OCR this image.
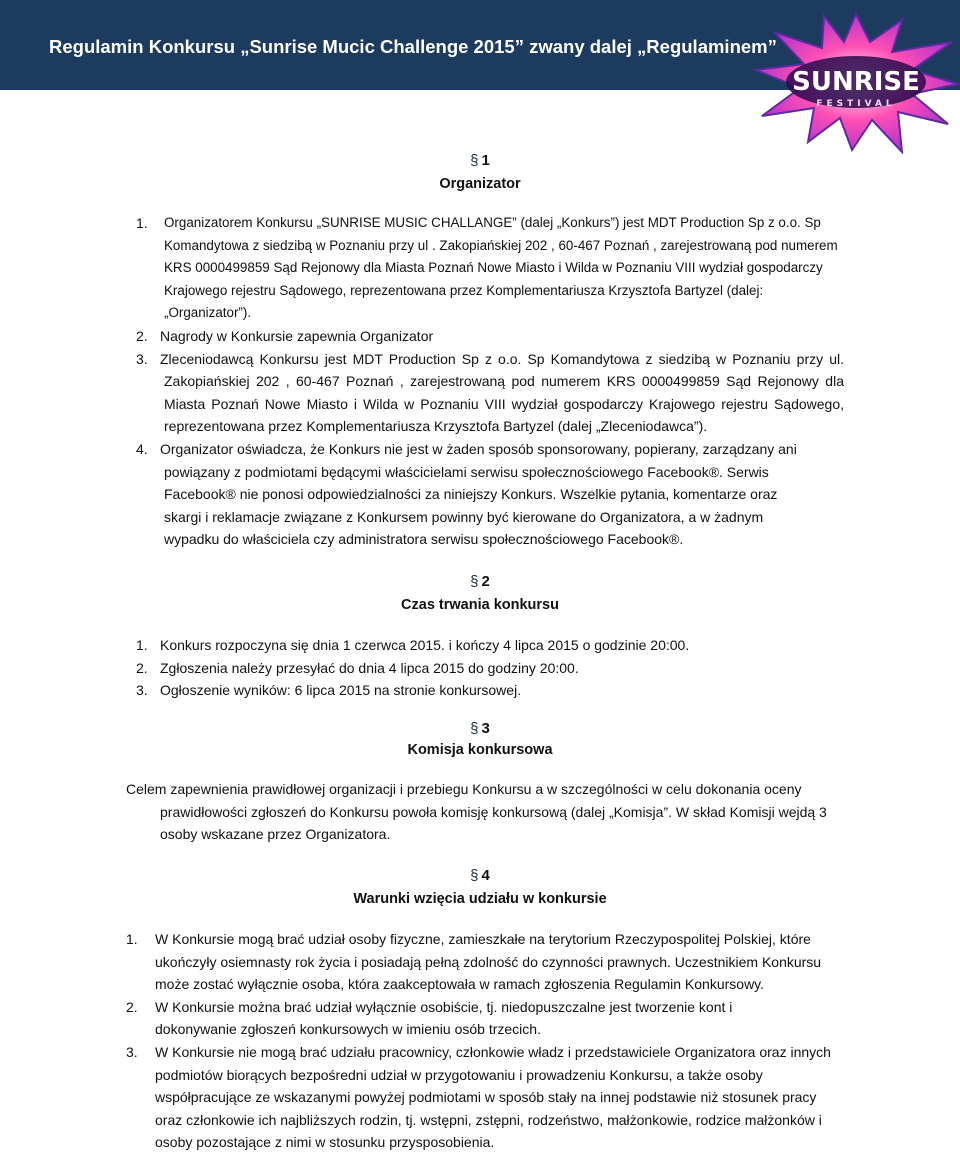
Regulamin Konkursu „Sunrise Mucic Challenge 2015” zwany dalej „Regulaminem”
SUNRISE
FESTIVAL
§ 1
Organizator
1. Organizatorem Konkursu „SUNRISE MUSIC CHALLANGE” (dalej „Konkurs”) jest MDT Production Sp z o.o. Sp Komandytowa z siedzibą w Poznaniu przy ul . Zakopiańskiej 202 , 60-467 Poznań , zarejestrowaną pod numerem KRS 0000499859 Sąd Rejonowy dla Miasta Poznań Nowe Miasto i Wilda w Poznaniu VIII wydział gospodarczy Krajowego rejestru Sądowego, reprezentowana przez Komplementariusza Krzysztofa Bartyzel (dalej: „Organizator”).
2. Nagrody w Konkursie zapewnia Organizator
3. Zleceniodawcą Konkursu jest MDT Production Sp z o.o. Sp Komandytowa z siedzibą w Poznaniu przy ul. Zakopiańskiej 202 , 60-467 Poznań , zarejestrowaną pod numerem KRS 0000499859 Sąd Rejonowy dla Miasta Poznań Nowe Miasto i Wilda w Poznaniu VIII wydział gospodarczy Krajowego rejestru Sądowego, reprezentowana przez Komplementariusza Krzysztofa Bartyzel (dalej „Zleceniodawca”).
4. Organizator oświadcza, że Konkurs nie jest w żaden sposób sponsorowany, popierany, zarządzany ani powiązany z podmiotami będącymi właścicielami serwisu społecznościowego Facebook®. Serwis Facebook® nie ponosi odpowiedzialności za niniejszy Konkurs. Wszelkie pytania, komentarze oraz skargi i reklamacje związane z Konkursem powinny być kierowane do Organizatora, a w żadnym wypadku do właściciela czy administratora serwisu społecznościowego Facebook®.
§ 2
Czas trwania konkursu
1. Konkurs rozpoczyna się dnia 1 czerwca 2015. i kończy 4 lipca 2015 o godzinie 20:00.
2. Zgłoszenia należy przesyłać do dnia 4 lipca 2015 do godziny 20:00.
3. Ogłoszenie wyników: 6 lipca 2015 na stronie konkursowej.
§ 3
Komisja konkursowa
Celem zapewnienia prawidłowej organizacji i przebiegu Konkursu a w szczególności w celu dokonania oceny prawidłowości zgłoszeń do Konkursu powoła komisję konkursową (dalej „Komisja”. W skład Komisji wejdą 3 osoby wskazane przez Organizatora.
§ 4
Warunki wzięcia udziału w konkursie
1. W Konkursie mogą brać udział osoby fizyczne, zamieszkałe na terytorium Rzeczypospolitej Polskiej, które ukończyły osiemnasty rok życia i posiadają pełną zdolność do czynności prawnych. Uczestnikiem Konkursu może zostać wyłącznie osoba, która zaakceptowała w ramach zgłoszenia Regulamin Konkursowy.
2. W Konkursie można brać udział wyłącznie osobiście, tj. niedopuszczalne jest tworzenie kont i dokonywanie zgłoszeń konkursowych w imieniu osób trzecich.
3. W Konkursie nie mogą brać udziału pracownicy, członkowie władz i przedstawiciele Organizatora oraz innych podmiotów biorących bezpośredni udział w przygotowaniu i prowadzeniu Konkursu, a także osoby współpracujące ze wskazanymi powyżej podmiotami w sposób stały na innej podstawie niż stosunek pracy oraz członkowie ich najbliższych rodzin, tj. wstępni, zstępni, rodzeństwo, małżonkowie, rodzice małżonków i osoby pozostające z nimi w stosunku przysposobienia.
